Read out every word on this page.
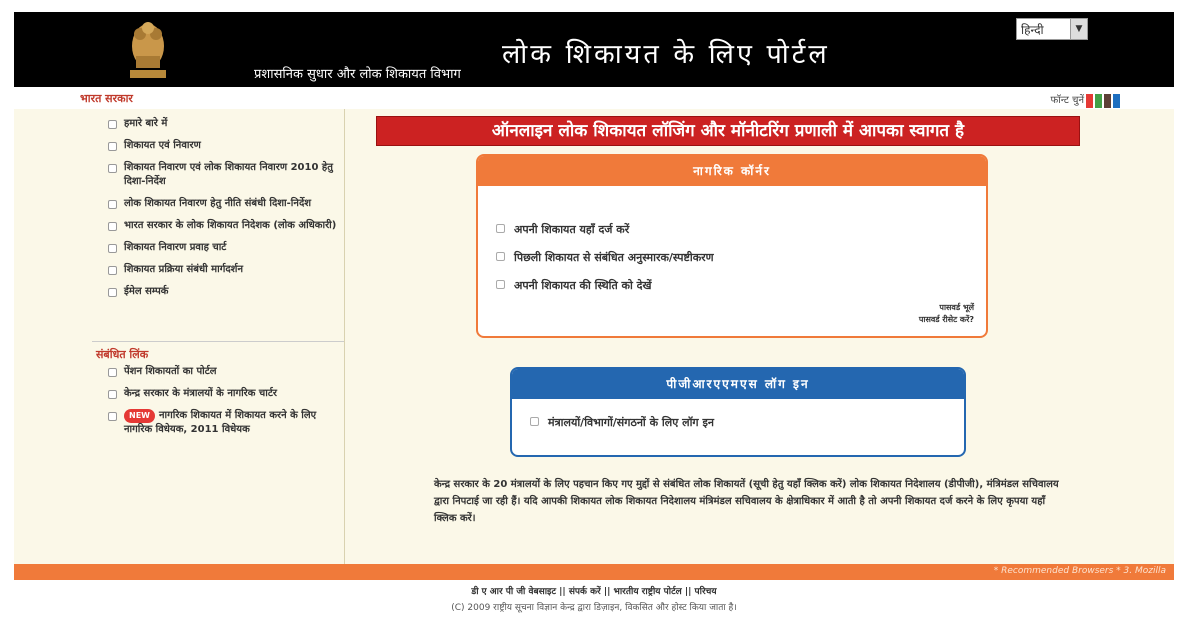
लोक शिकायत के लिए पोर्टल
प्रशासनिक सुधार और लोक शिकायत विभाग
हिन्दी	▼
भारत सरकार	फॉन्ट चुनें
हमारे बारे में
शिकायत एवं निवारण
शिकायत निवारण एवं लोक शिकायत निवारण 2010 हेतु दिशा-निर्देश
लोक शिकायत निवारण हेतु नीति संबंधी दिशा-निर्देश
भारत सरकार के लोक शिकायत निदेशक (लोक अधिकारी)
शिकायत निवारण प्रवाह चार्ट
शिकायत प्रक्रिया संबंधी मार्गदर्शन
ईमेल सम्पर्क
संबंधित लिंक
पेंशन शिकायतों का पोर्टल
केन्द्र सरकार के मंत्रालयों के नागरिक चार्टर
NEW नागरिक शिकायत में शिकायत करने के लिए नागरिक विधेयक, 2011 विधेयक
ऑनलाइन लोक शिकायत लॉजिंग और मॉनीटरिंग प्रणाली में आपका स्वागत है
नागरिक कॉर्नर
अपनी शिकायत यहाँ दर्ज करें
पिछली शिकायत से संबंधित अनुस्मारक/स्पष्टीकरण
अपनी शिकायत की स्थिति को देखें
पासवर्ड भूलें
पासवर्ड रीसेट करें?
पीजीआरएएमएस लॉग इन
मंत्रालयों/विभागों/संगठनों के लिए लॉग इन
केन्द्र सरकार के 20 मंत्रालयों के लिए पहचान किए गए मुद्दों से संबंधित लोक शिकायतें (सूची हेतु यहाँ क्लिक करें) लोक शिकायत निदेशालय (डीपीजी), मंत्रिमंडल सचिवालय द्वारा निपटाई जा रही हैं। यदि आपकी शिकायत लोक शिकायत निदेशालय मंत्रिमंडल सचिवालय के क्षेत्राधिकार में आती है तो अपनी शिकायत दर्ज करने के लिए कृपया यहाँ क्लिक करें।
* Recommended Browsers * 3. Mozilla
डी ए आर पी जी वेबसाइट || संपर्क करें || भारतीय राष्ट्रीय पोर्टल || परिचय
(C) 2009 राष्ट्रीय सूचना विज्ञान केन्द्र द्वारा डिज़ाइन, विकसित और होस्ट किया जाता है।
